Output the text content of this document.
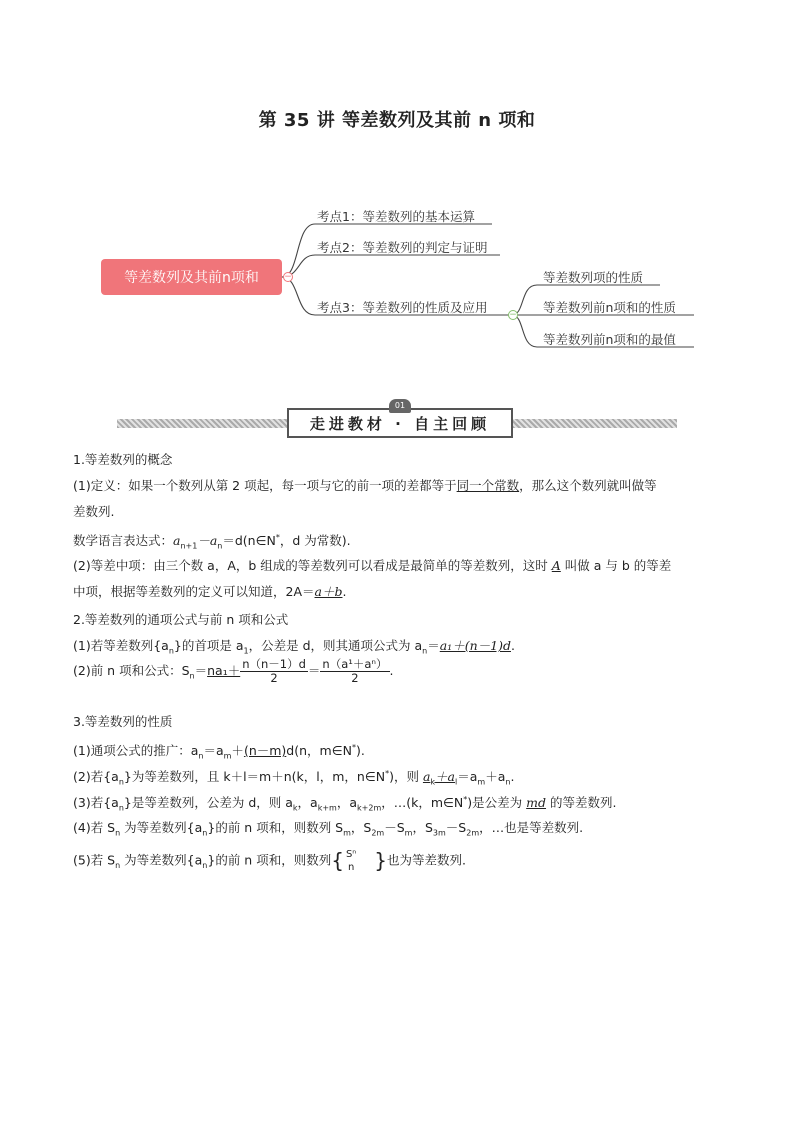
第 35 讲 等差数列及其前 n 项和
等差数列及其前n项和	−
−
考点1：等差数列的基本运算
考点2：等差数列的判定与证明
考点3：等差数列的性质及应用
等差数列项的性质
等差数列前n项和的性质
等差数列前n项和的最值
走进教材 · 自主回顾
01
1.等差数列的概念
(1)定义：如果一个数列从第 2 项起，每一项与它的前一项的差都等于同一个常数，那么这个数列就叫做等
差数列.
数学语言表达式：$a_{n+1}-a_n=d(n\in N^*$，d 为常数).
(2)等差中项：由三个数 a，A，b 组成的等差数列可以看成是最简单的等差数列，这时 A 叫做 a 与 b 的等差
中项，根据等差数列的定义可以知道，2A＝a＋b.
2.等差数列的通项公式与前 n 项和公式
(1)若等差数列$\{a_n\}$的首项是 $a_1$，公差是 d，则其通项公式为 $a_n=a_1+(n-1)d$.
(2)前 n 项和公式：$S_n=na_1+ \frac{n(n-1)d}{2} = \frac{\text{n（a¹＋aⁿ）}}{2}$ .
3.等差数列的性质
(1)通项公式的推广：$a_n=a_m+(n-m)d(n$，m∈N*).
(2)若$\{a_n\}$为等差数列，且 k＋l＝m＋n(k，l，m，n∈N*)，则 $a_k+a_l=a_m+a_n$.
(3)若$\{a_n\}$是等差数列，公差为 d，则 $a_k$，$a_{k+m}$，$a_{k+2m}$，…(k，m∈N*)是公差为 md 的等差数列.
(4)若 $S_n$ 为等差数列$\{a_n\}$的前 n 项和，则数列 $S_m$，$S_{2m}-S_m$，$S_{3m}-S_{2m}$，…也是等差数列.
(5)若 $S_n$ 为等差数列$\{a_n\}$的前 n 项和，则数列{ Sⁿ
n }也为等差数列.
